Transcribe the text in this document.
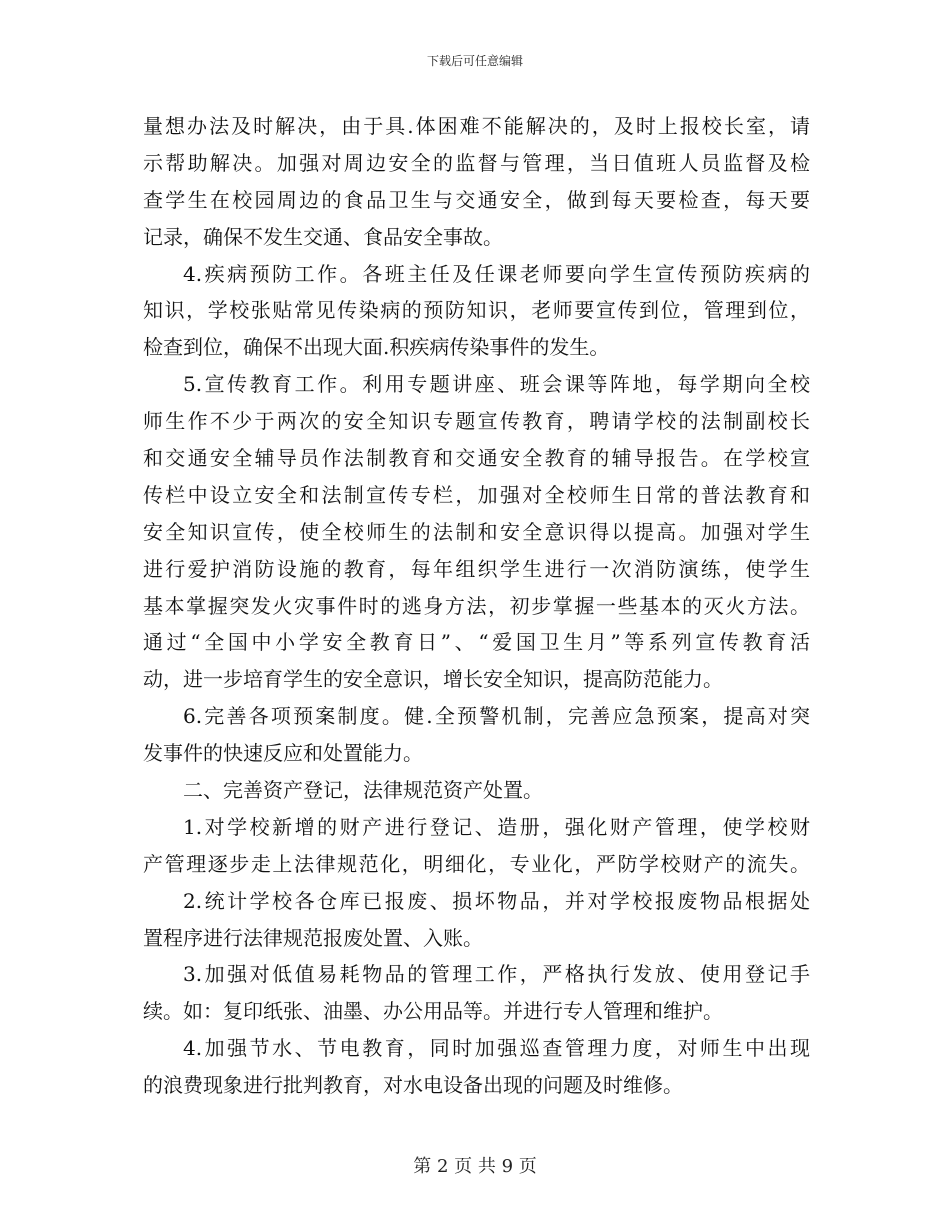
下载后可任意编辑
量想办法及时解决，由于具.体困难不能解决的，及时上报校长室，请
示帮助解决。加强对周边安全的监督与管理，当日值班人员监督及检
查学生在校园周边的食品卫生与交通安全，做到每天要检查，每天要
记录，确保不发生交通、食品安全事故。
4.疾病预防工作。各班主任及任课老师要向学生宣传预防疾病的
知识，学校张贴常见传染病的预防知识，老师要宣传到位，管理到位，
检查到位，确保不出现大面.积疾病传染事件的发生。
5.宣传教育工作。利用专题讲座、班会课等阵地，每学期向全校
师生作不少于两次的安全知识专题宣传教育，聘请学校的法制副校长
和交通安全辅导员作法制教育和交通安全教育的辅导报告。在学校宣
传栏中设立安全和法制宣传专栏，加强对全校师生日常的普法教育和
安全知识宣传，使全校师生的法制和安全意识得以提高。加强对学生
进行爱护消防设施的教育，每年组织学生进行一次消防演练，使学生
基本掌握突发火灾事件时的逃身方法，初步掌握一些基本的灭火方法。
通过“全国中小学安全教育日”、“爱国卫生月”等系列宣传教育活
动，进一步培育学生的安全意识，增长安全知识，提高防范能力。
6.完善各项预案制度。健.全预警机制，完善应急预案，提高对突
发事件的快速反应和处置能力。
二、完善资产登记，法律规范资产处置。
1.对学校新增的财产进行登记、造册，强化财产管理，使学校财
产管理逐步走上法律规范化，明细化，专业化，严防学校财产的流失。
2.统计学校各仓库已报废、损坏物品，并对学校报废物品根据处
置程序进行法律规范报废处置、入账。
3.加强对低值易耗物品的管理工作，严格执行发放、使用登记手
续。如：复印纸张、油墨、办公用品等。并进行专人管理和维护。
4.加强节水、节电教育，同时加强巡查管理力度，对师生中出现
的浪费现象进行批判教育，对水电设备出现的问题及时维修。
第 2 页 共 9 页
